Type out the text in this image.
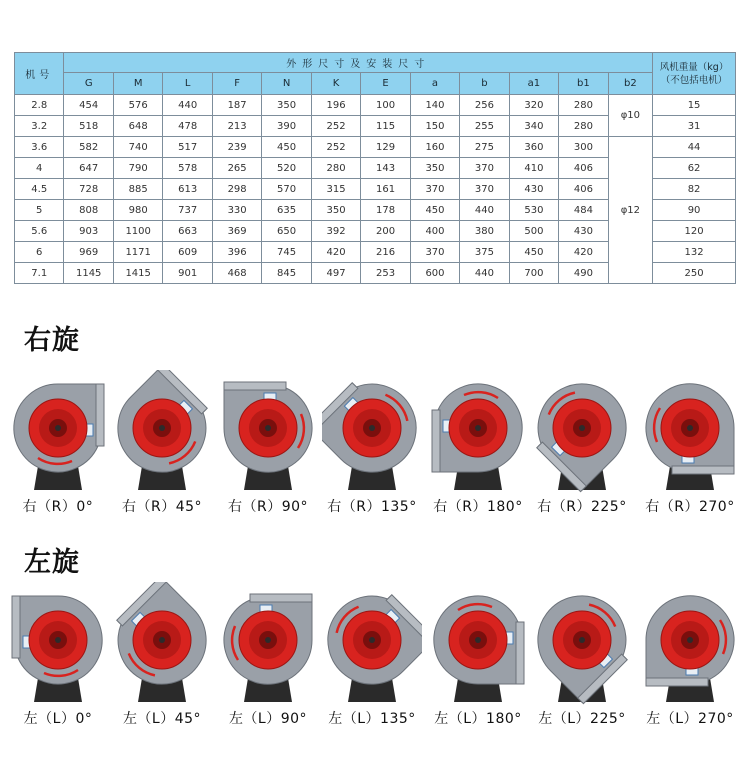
机号	外形尺寸及安装尺寸												风机重量（kg）
（不包括电机）

	G	M	L	F	N	K	E	a	b	a1	b1	b2	
2.8	454	576	440	187	350	196	100	140	256	320	280	φ10	15
3.2	518	648	478	213	390	252	115	150	255	340	280		31
3.6	582	740	517	239	450	252	129	160	275	360	300	φ12	44
4	647	790	578	265	520	280	143	350	370	410	406		62
4.5	728	885	613	298	570	315	161	370	370	430	406		82
5	808	980	737	330	635	350	178	450	440	530	484		90
5.6	903	1100	663	369	650	392	200	400	380	500	430		120
6	969	1171	609	396	745	420	216	370	375	450	420		132
7.1	1145	1415	901	468	845	497	253	600	440	700	490		250
右旋
右（R）0°	右（R）45°	右（R）90°	右（R）135°	右（R）180°	右（R）225°	右（R）270°
左旋
左（L）0°	左（L）45°	左（L）90°	左（L）135°	左（L）180°	左（L）225°	左（L）270°
